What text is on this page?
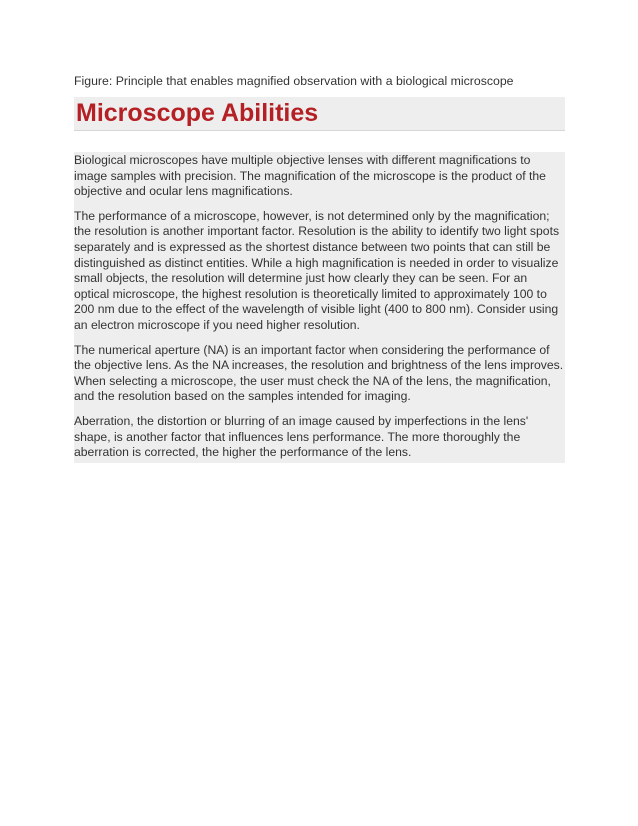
Figure: Principle that enables magnified observation with a biological microscope

Microscope Abilities

Biological microscopes have multiple objective lenses with different magnifications to image samples with precision. The magnification of the microscope is the product of the objective and ocular lens magnifications.

The performance of a microscope, however, is not determined only by the magnification; the resolution is another important factor. Resolution is the ability to identify two light spots separately and is expressed as the shortest distance between two points that can still be distinguished as distinct entities. While a high magnification is needed in order to visualize small objects, the resolution will determine just how clearly they can be seen. For an optical microscope, the highest resolution is theoretically limited to approximately 100 to 200 nm due to the effect of the wavelength of visible light (400 to 800 nm). Consider using an electron microscope if you need higher resolution.

The numerical aperture (NA) is an important factor when considering the performance of the objective lens. As the NA increases, the resolution and brightness of the lens improves. When selecting a microscope, the user must check the NA of the lens, the magnification, and the resolution based on the samples intended for imaging.

Aberration, the distortion or blurring of an image caused by imperfections in the lens' shape, is another factor that influences lens performance. The more thoroughly the aberration is corrected, the higher the performance of the lens.
